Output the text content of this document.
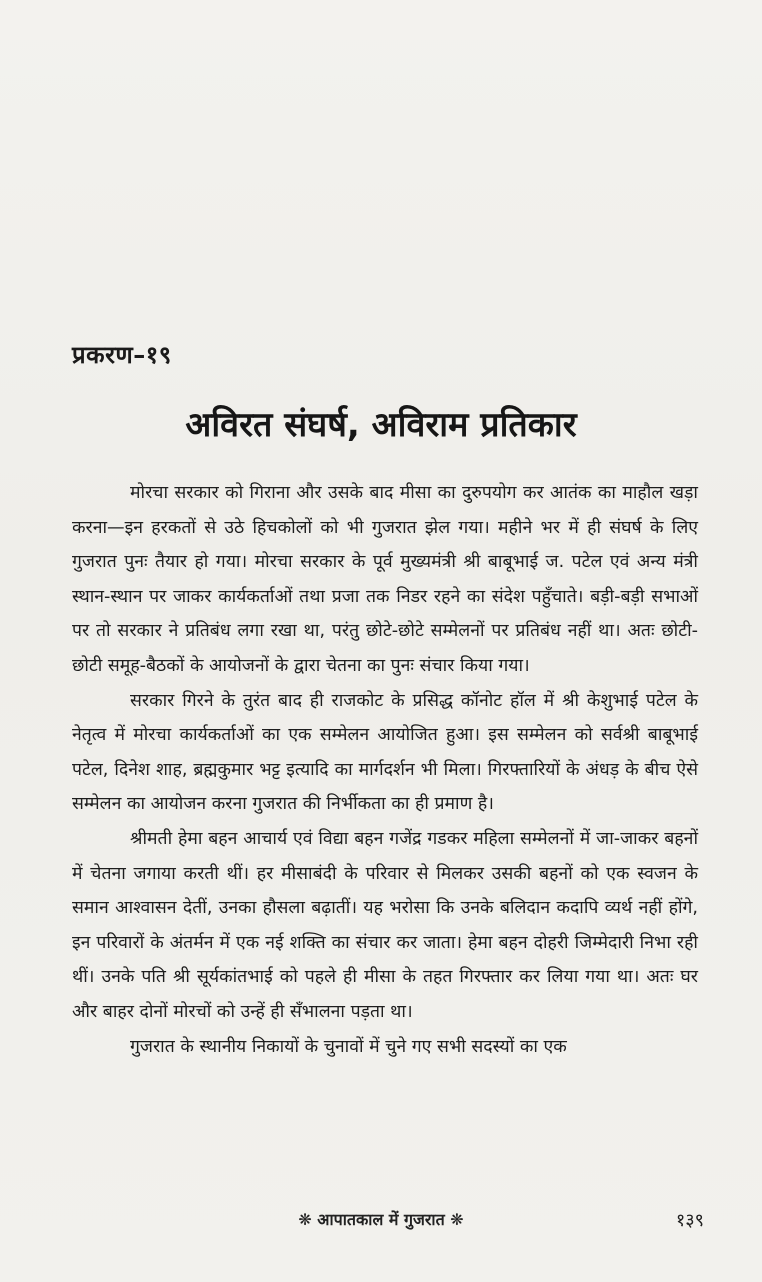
प्रकरण–१९
अविरत संघर्ष, अविराम प्रतिकार

मोरचा सरकार को गिराना और उसके बाद मीसा का दुरुपयोग कर आतंक का माहौल खड़ा करना—इन हरकतों से उठे हिचकोलों को भी गुजरात झेल गया। महीने भर में ही संघर्ष के लिए गुजरात पुनः तैयार हो गया। मोरचा सरकार के पूर्व मुख्यमंत्री श्री बाबूभाई ज. पटेल एवं अन्य मंत्री स्थान-स्थान पर जाकर कार्यकर्ताओं तथा प्रजा तक निडर रहने का संदेश पहुँचाते। बड़ी-बड़ी सभाओं पर तो सरकार ने प्रतिबंध लगा रखा था, परंतु छोटे-छोटे सम्मेलनों पर प्रतिबंध नहीं था। अतः छोटी-छोटी समूह-बैठकों के आयोजनों के द्वारा चेतना का पुनः संचार किया गया।

सरकार गिरने के तुरंत बाद ही राजकोट के प्रसिद्ध कॉनोट हॉल में श्री केशुभाई पटेल के नेतृत्व में मोरचा कार्यकर्ताओं का एक सम्मेलन आयोजित हुआ। इस सम्मेलन को सर्वश्री बाबूभाई पटेल, दिनेश शाह, ब्रह्मकुमार भट्ट इत्यादि का मार्गदर्शन भी मिला। गिरफ्तारियों के अंधड़ के बीच ऐसे सम्मेलन का आयोजन करना गुजरात की निर्भीकता का ही प्रमाण है।

श्रीमती हेमा बहन आचार्य एवं विद्या बहन गजेंद्र गडकर महिला सम्मेलनों में जा-जाकर बहनों में चेतना जगाया करती थीं। हर मीसाबंदी के परिवार से मिलकर उसकी बहनों को एक स्वजन के समान आश्वासन देतीं, उनका हौसला बढ़ातीं। यह भरोसा कि उनके बलिदान कदापि व्यर्थ नहीं होंगे, इन परिवारों के अंतर्मन में एक नई शक्ति का संचार कर जाता। हेमा बहन दोहरी जिम्मेदारी निभा रही थीं। उनके पति श्री सूर्यकांतभाई को पहले ही मीसा के तहत गिरफ्तार कर लिया गया था। अतः घर और बाहर दोनों मोरचों को उन्हें ही सँभालना पड़ता था।

गुजरात के स्थानीय निकायों के चुनावों में चुने गए सभी सदस्यों का एक

❋ आपातकाल में गुजरात ❋	१३९
